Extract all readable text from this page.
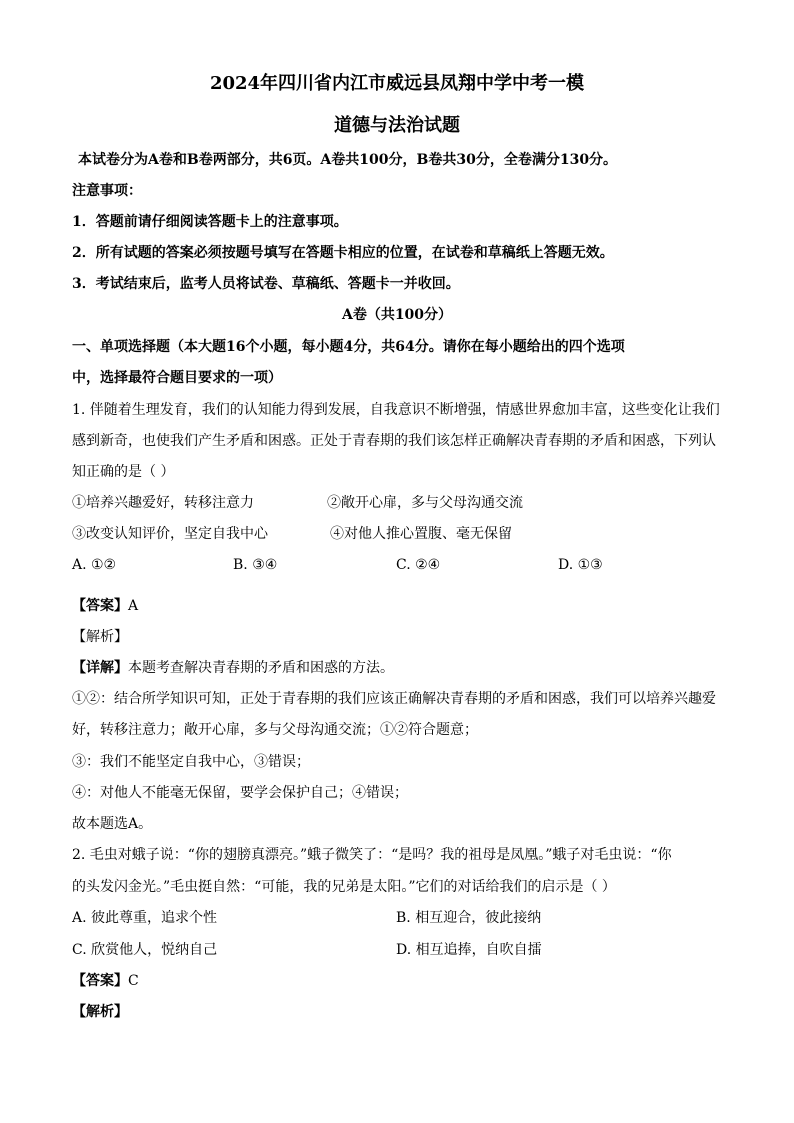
2024年四川省内江市威远县凤翔中学中考一模
道德与法治试题
本试卷分为A卷和B卷两部分，共6页。A卷共100分，B卷共30分，全卷满分130分。
注意事项：
1．答题前请仔细阅读答题卡上的注意事项。
2．所有试题的答案必须按题号填写在答题卡相应的位置，在试卷和草稿纸上答题无效。
3．考试结束后，监考人员将试卷、草稿纸、答题卡一并收回。
A卷（共100分）
一、单项选择题（本大题16个小题，每小题4分，共64分。请你在每小题给出的四个选项
中，选择最符合题目要求的一项）
1. 伴随着生理发育，我们的认知能力得到发展，自我意识不断增强，情感世界愈加丰富，这些变化让我们
感到新奇，也使我们产生矛盾和困惑。正处于青春期的我们该怎样正确解决青春期的矛盾和困惑，下列认
知正确的是（ ）
①培养兴趣爱好，转移注意力	②敞开心扉，多与父母沟通交流
③改变认知评价，坚定自我中心	④对他人推心置腹、毫无保留
A. ①②	B. ③④	C. ②④	D. ①③
【答案】A
【解析】
【详解】本题考查解决青春期的矛盾和困惑的方法。
①②：结合所学知识可知，正处于青春期的我们应该正确解决青春期的矛盾和困惑，我们可以培养兴趣爱
好，转移注意力；敞开心扉，多与父母沟通交流；①②符合题意；
③：我们不能坚定自我中心，③错误；
④：对他人不能毫无保留，要学会保护自己；④错误；
故本题选A。
2. 毛虫对蛾子说：“你的翅膀真漂亮。”蛾子微笑了：“是吗？我的祖母是凤凰。”蛾子对毛虫说：“你
的头发闪金光。”毛虫挺自然：“可能，我的兄弟是太阳。”它们的对话给我们的启示是（ ）
A. 彼此尊重，追求个性	B. 相互迎合，彼此接纳
C. 欣赏他人，悦纳自己	D. 相互追捧，自吹自擂
【答案】C
【解析】
